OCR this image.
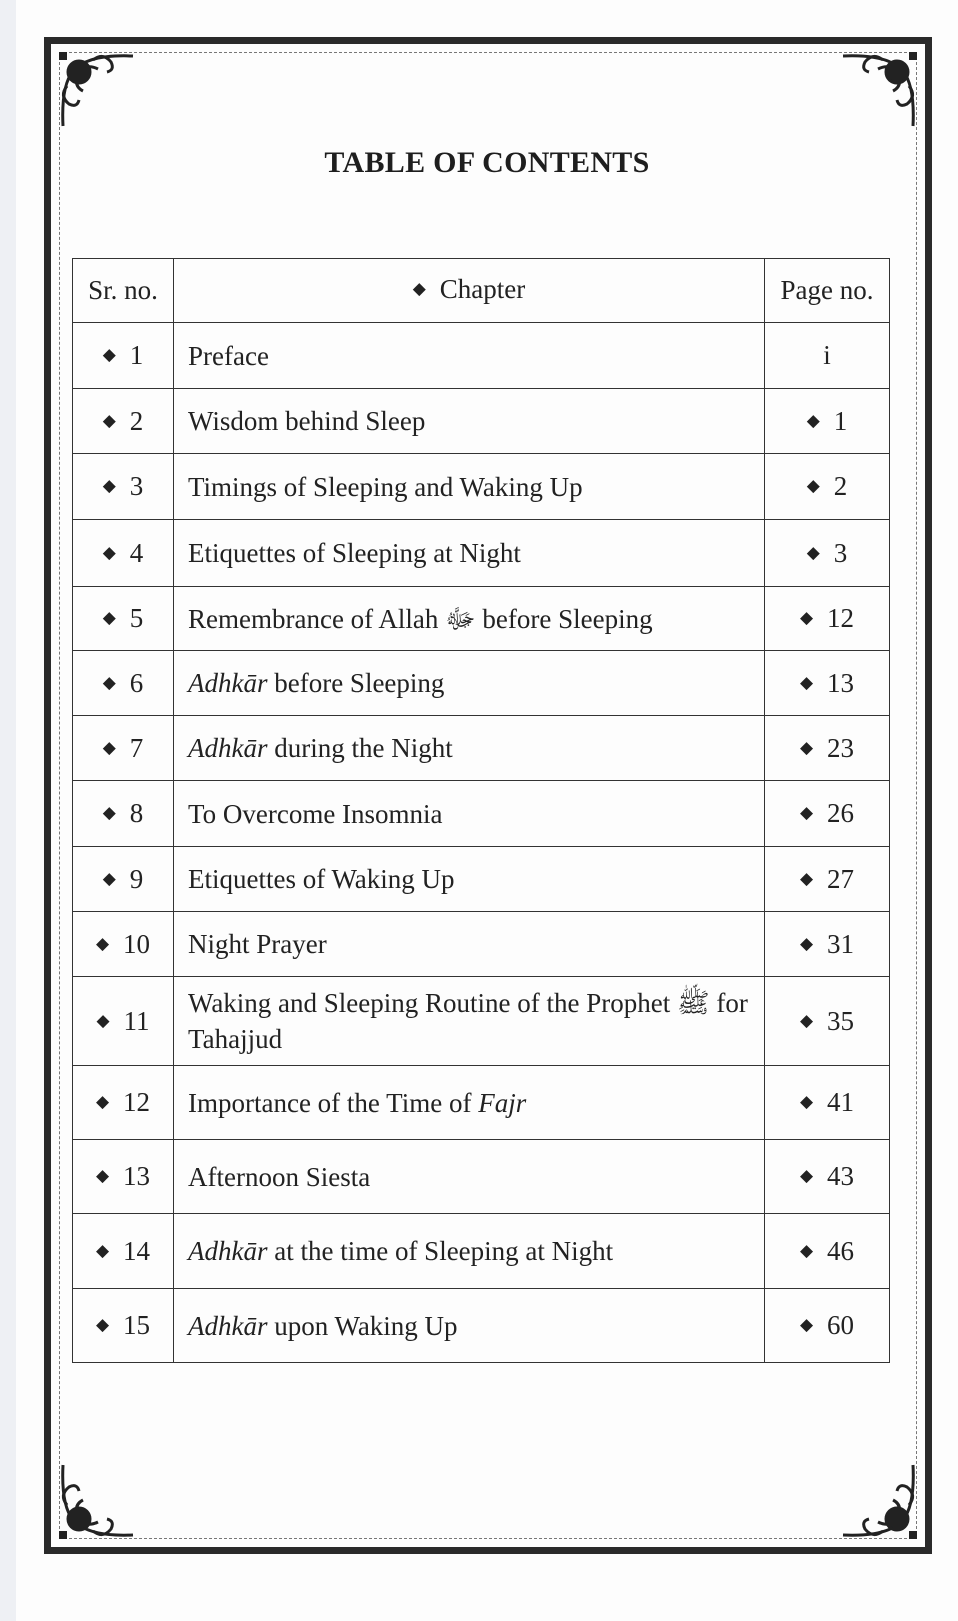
TABLE OF CONTENTS
Sr. no.	◆ Chapter	Page no.
◆ 1	Preface	i
◆ 2	Wisdom behind Sleep	◆ 1
◆ 3	Timings of Sleeping and Waking Up	◆ 2
◆ 4	Etiquettes of Sleeping at Night	◆ 3
◆ 5	Remembrance of Allah ﷻ before Sleeping	◆ 12
◆ 6	Adhkār before Sleeping	◆ 13
◆ 7	Adhkār during the Night	◆ 23
◆ 8	To Overcome Insomnia	◆ 26
◆ 9	Etiquettes of Waking Up	◆ 27
◆ 10	Night Prayer	◆ 31
◆ 11	Waking and Sleeping Routine of the Prophet ﷺ for Tahajjud	◆ 35
◆ 12	Importance of the Time of Fajr	◆ 41
◆ 13	Afternoon Siesta	◆ 43
◆ 14	Adhkār at the time of Sleeping at Night	◆ 46
◆ 15	Adhkār upon Waking Up	◆ 60
